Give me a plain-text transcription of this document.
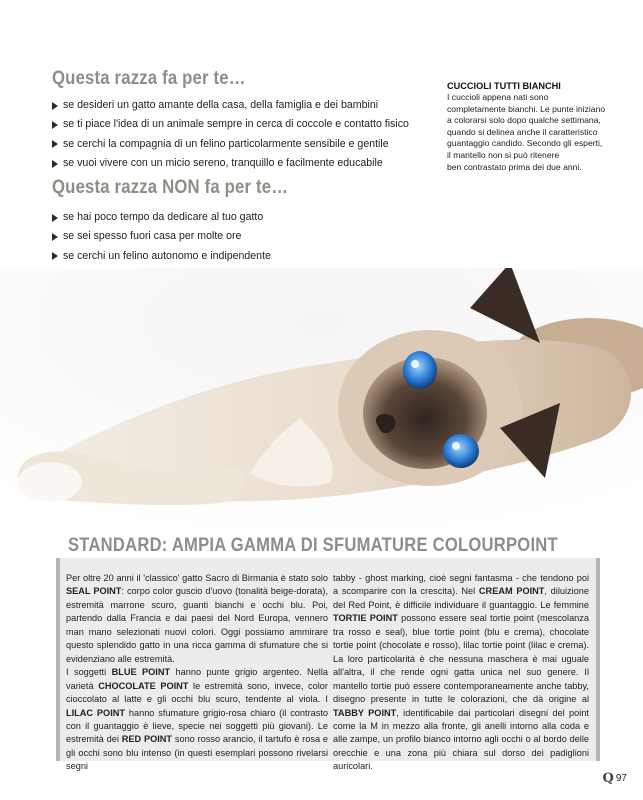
Questa razza fa per te…
se desideri un gatto amante della casa, della famiglia e dei bambini
se ti piace l'idea di un animale sempre in cerca di coccole e contatto fisico
se cerchi la compagnia di un felino particolarmente sensibile e gentile
se vuoi vivere con un micio sereno, tranquillo e facilmente educabile
Questa razza NON fa per te…
se hai poco tempo da dedicare al tuo gatto
se sei spesso fuori casa per molte ore
se cerchi un felino autonomo e indipendente
CUCCIOLI TUTTI BIANCHI

I cuccioli appena nati sono
completamente bianchi. Le punte iniziano
a colorarsi solo dopo qualche settimana,
quando si delinea anche il caratteristico
guantaggio candido. Secondo gli esperti,
il mantello non si può ritenere
ben contrastato prima dei due anni.

STANDARD: AMPIA GAMMA DI SFUMATURE COLOURPOINT

Per oltre 20 anni il 'classico' gatto Sacro di Birmania è stato solo SEAL POINT: corpo color guscio d'uovo (tonalità beige-dorata), estremità marrone scuro, guanti bianchi e occhi blu. Poi, partendo dalla Francia e dai paesi del Nord Europa, vennero man mano selezionati nuovi colori. Oggi possiamo ammirare questo splendido gatto in una ricca gamma di sfumature che si evidenziano alle estremità.

I soggetti BLUE POINT hanno punte grigio argenteo. Nella varietà CHOCOLATE POINT le estremità sono, invece, color cioccolato al latte e gli occhi blu scuro, tendente al viola. I LILAC POINT hanno sfumature grigio-rosa chiaro (il contrasto con il guantaggio è lieve, specie nei soggetti più giovani). Le estremità dei RED POINT sono rosso arancio, il tartufo è rosa e gli occhi sono blu intenso (in questi esemplari possono rivelarsi segni

tabby - ghost marking, cioè segni fantasma - che tendono poi a scomparire con la crescita). Nel CREAM POINT, diluizione del Red Point, è difficile individuare il guantaggio. Le femmine TORTIE POINT possono essere seal tortie point (mescolanza tra rosso e seal), blue tortie point (blu e crema), chocolate tortie point (chocolate e rosso), lilac tortie point (lilac e crema). La loro particolarità è che nessuna maschera è mai uguale all'altra, il che rende ogni gatta unica nel suo genere. Il mantello tortie può essere contemporaneamente anche tabby, disegno presente in tutte le colorazioni, che dà origine al TABBY POINT, identificabile dai particolari disegni del point come la M in mezzo alla fronte, gli anelli intorno alla coda e alle zampe, un profilo bianco intorno agli occhi o al bordo delle orecchie e una zona più chiara sul dorso dei padiglioni auricolari.

Q 97
